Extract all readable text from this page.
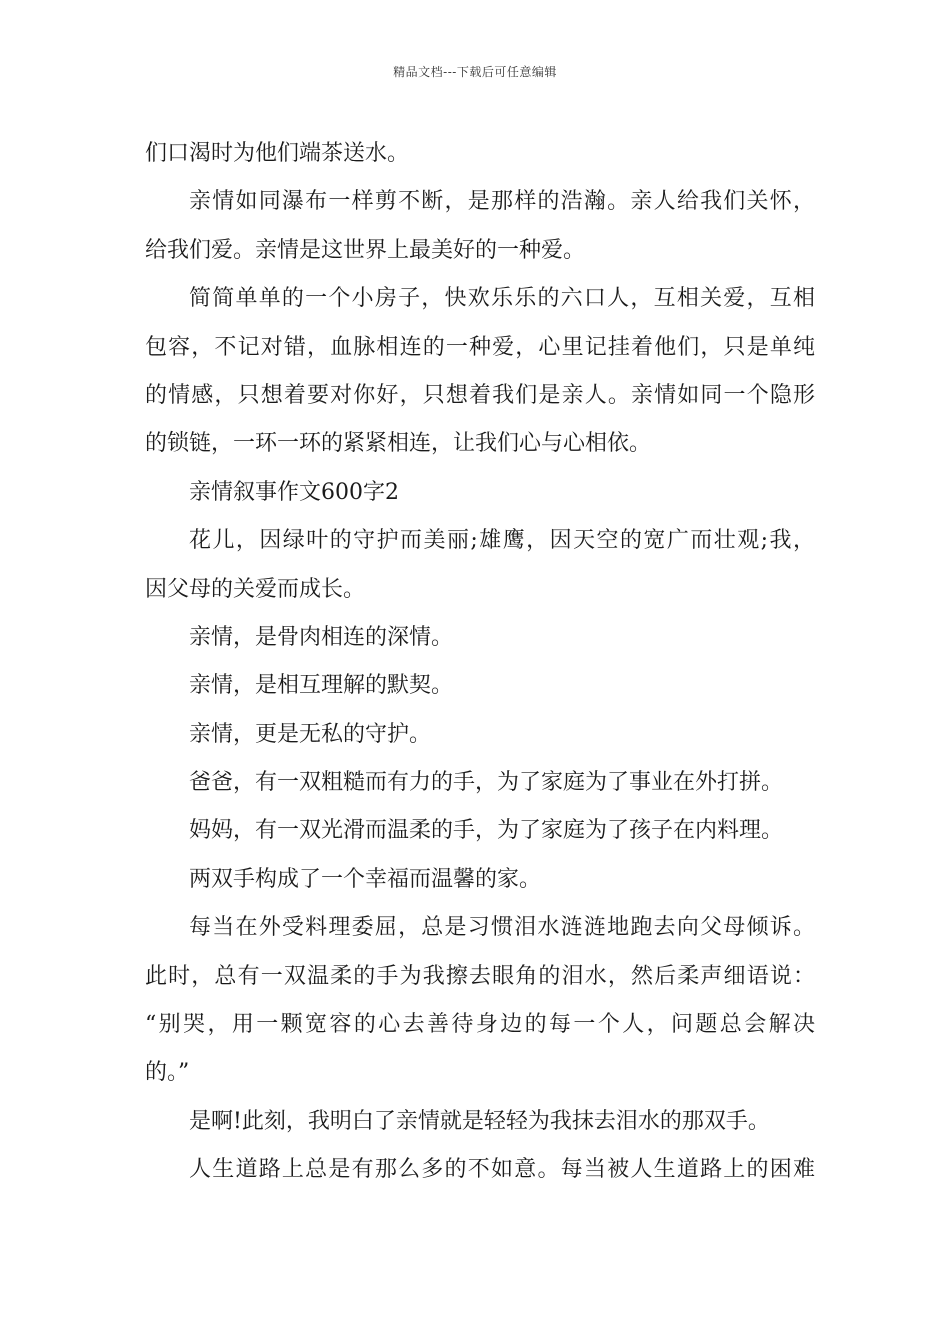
精品文档---下载后可任意编辑
们口渴时为他们端茶送水。
亲情如同瀑布一样剪不断，是那样的浩瀚。亲人给我们关怀，
给我们爱。亲情是这世界上最美好的一种爱。
简简单单的一个小房子，快欢乐乐的六口人，互相关爱，互相
包容，不记对错，血脉相连的一种爱，心里记挂着他们，只是单纯
的情感，只想着要对你好，只想着我们是亲人。亲情如同一个隐形
的锁链，一环一环的紧紧相连，让我们心与心相依。
亲情叙事作文600字2
花儿，因绿叶的守护而美丽;雄鹰，因天空的宽广而壮观;我，
因父母的关爱而成长。
亲情，是骨肉相连的深情。
亲情，是相互理解的默契。
亲情，更是无私的守护。
爸爸，有一双粗糙而有力的手，为了家庭为了事业在外打拼。
妈妈，有一双光滑而温柔的手，为了家庭为了孩子在内料理。
两双手构成了一个幸福而温馨的家。
每当在外受料理委屈，总是习惯泪水涟涟地跑去向父母倾诉。
此时，总有一双温柔的手为我擦去眼角的泪水，然后柔声细语说：
“别哭，用一颗宽容的心去善待身边的每一个人，问题总会解决
的。”
是啊!此刻，我明白了亲情就是轻轻为我抹去泪水的那双手。
人生道路上总是有那么多的不如意。每当被人生道路上的困难
